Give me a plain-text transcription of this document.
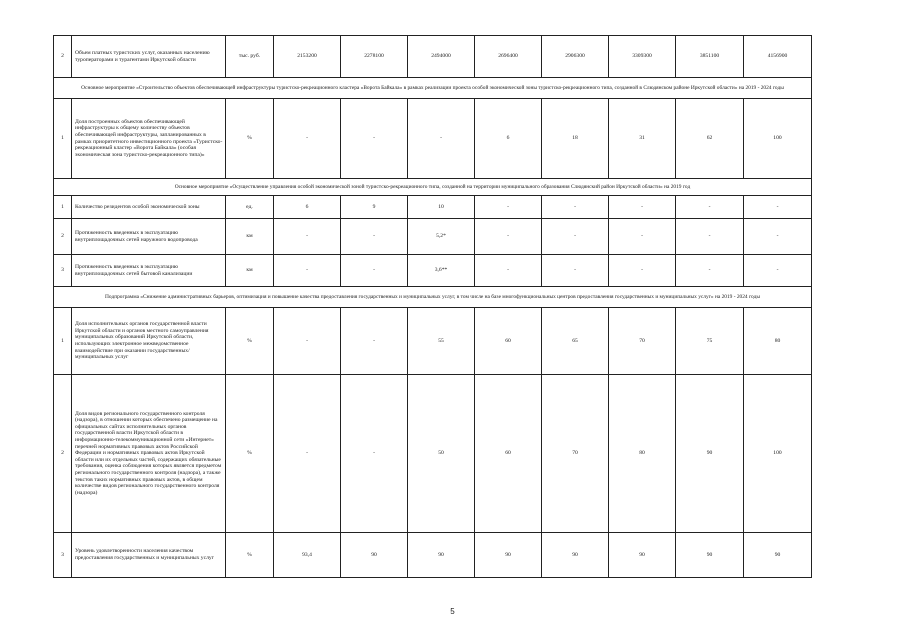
2	Объем платных туристских услуг, оказанных населению туроператорами и турагентами Иркутской области	тыс. руб.	2153200	2278100	2494000	2696400	2906300	3309300	3851100	4156900
Основное мероприятие «Строительство объектов обеспечивающей инфраструктуры туристско-рекреационного кластера «Ворота Байкала» в рамках реализации проекта особой экономической зоны туристско-рекреационного типа, созданной в Слюдянском районе Иркутской области» на 2019 - 2024 годы										
1	Доля построенных объектов обеспечивающей инфраструктуры к общему количеству объектов обеспечивающей инфраструктуры, запланированных в рамках приоритетного инвестиционного проекта «Туристско-рекреационный кластер «Ворота Байкала» (особая экономическая зона туристско-рекреационного типа)»	%	-	-	-	6	18	31	62	100
Основное мероприятие «Осуществление управления особой экономической зоной туристско-рекреационного типа, созданной на территории муниципального образования Слюдянский район Иркутской области» на 2019 год										
1	Количество резидентов особой экономической зоны	ед.	6	9	10	-	-	-	-	-
2	Протяженность введенных в эксплуатацию внутриплощадочных сетей наружного водопровода	км	-	-	5,2*	-	-	-	-	-
3	Протяженность введенных в эксплуатацию внутриплощадочных сетей бытовой канализации	км	-	-	3,6**	-	-	-	-	-
Подпрограмма «Снижение административных барьеров, оптимизация и повышение качества предоставления государственных и муниципальных услуг, в том числе на базе многофункциональных центров предоставления государственных и муниципальных услуг» на 2019 - 2024 годы										
1	Доля исполнительных органов государственной власти Иркутской области и органов местного самоуправления муниципальных образований Иркутской области, использующих электронное межведомственное взаимодействие при оказании государственных/муниципальных услуг	%	-	-	55	60	65	70	75	80
2	Доля видов регионального государственного контроля (надзора), в отношении которых обеспечено размещение на официальных сайтах исполнительных органов государственной власти Иркутской области в информационно-телекоммуникационной сети «Интернет» перечней нормативных правовых актов Российской Федерации и нормативных правовых актов Иркутской области или их отдельных частей, содержащих обязательные требования, оценка соблюдения которых является предметом регионального государственного контроля (надзора), а также текстов таких нормативных правовых актов, в общем количестве видов регионального государственного контроля (надзора)	%	-	-	50	60	70	80	90	100
3	Уровень удовлетворенности населения качеством предоставления государственных и муниципальных услуг	%	93,4	90	90	90	90	90	90	90
5
